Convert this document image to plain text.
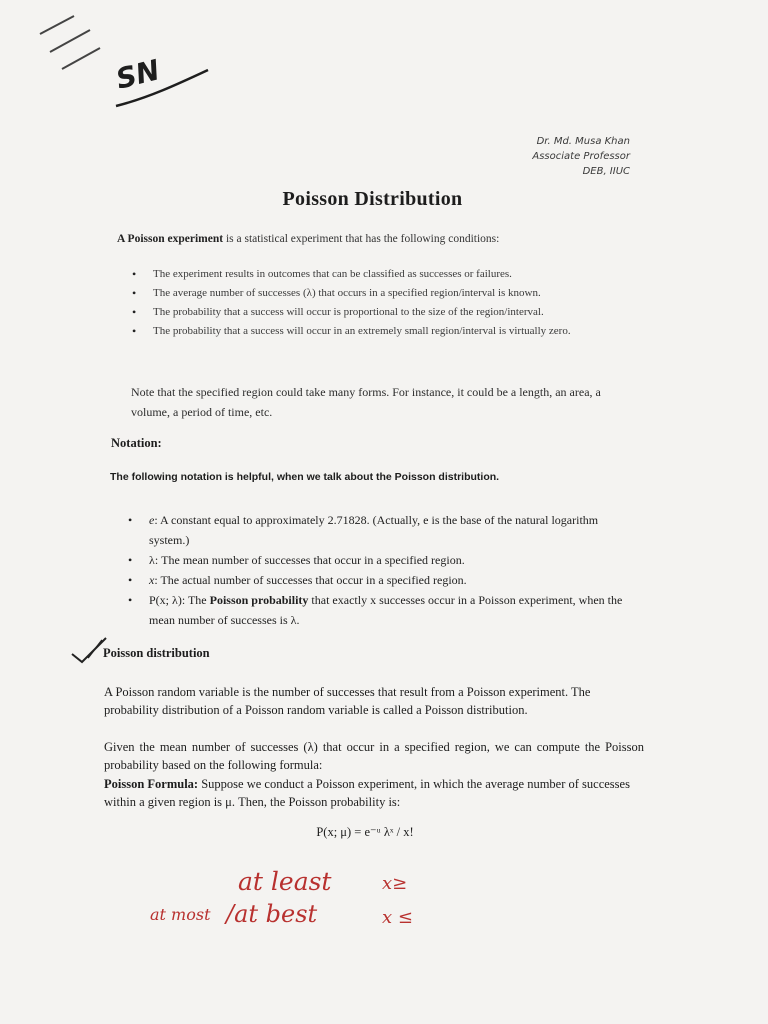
SN
Dr. Md. Musa Khan
Associate Professor
DEB, IIUC
Poisson Distribution
A Poisson experiment is a statistical experiment that has the following conditions:
• The experiment results in outcomes that can be classified as successes or failures.
• The average number of successes (λ) that occurs in a specified region/interval is known.
• The probability that a success will occur is proportional to the size of the region/interval.
• The probability that a success will occur in an extremely small region/interval is virtually zero.
Note that the specified region could take many forms. For instance, it could be a length, an area, a volume, a period of time, etc.
Notation:
The following notation is helpful, when we talk about the Poisson distribution.
• e: A constant equal to approximately 2.71828. (Actually, e is the base of the natural logarithm system.)
• λ: The mean number of successes that occur in a specified region.
• x: The actual number of successes that occur in a specified region.
• P(x; λ): The Poisson probability that exactly x successes occur in a Poisson experiment, when the mean number of successes is λ.
Poisson distribution
A Poisson random variable is the number of successes that result from a Poisson experiment. The probability distribution of a Poisson random variable is called a Poisson distribution.
Given the mean number of successes (λ) that occur in a specified region, we can compute the Poisson probability based on the following formula:
Poisson Formula: Suppose we conduct a Poisson experiment, in which the average number of successes within a given region is μ. Then, the Poisson probability is:
P(x; μ) = e⁻ᵘ λˣ / x!
at least	x≥
at most /at best	x ≤
